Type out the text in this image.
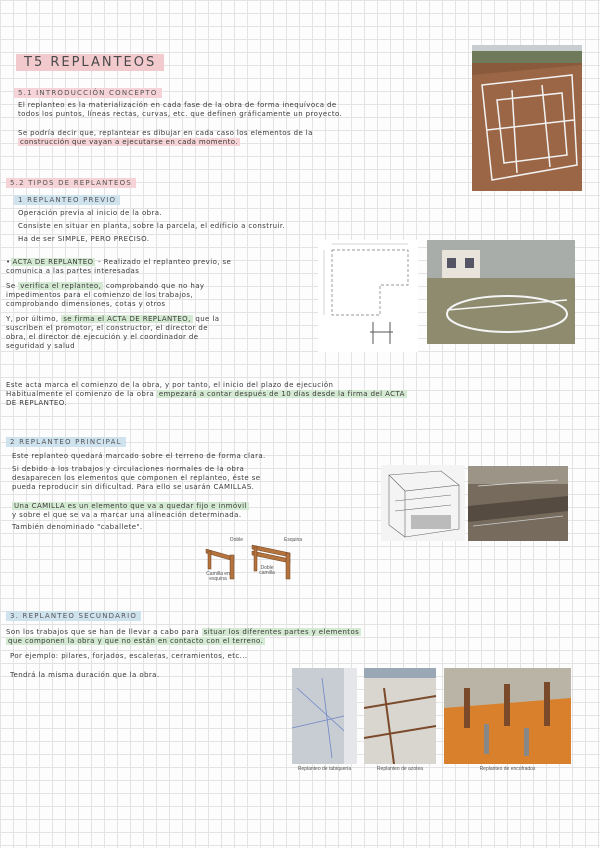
T5 REPLANTEOS
5.1 INTRODUCCIÓN CONCEPTO
El replanteo es la materialización en cada fase de la obra de forma inequívoca de
todos los puntos, líneas rectas, curvas, etc. que definen gráficamente un proyecto.
Se podría decir que, replantear es dibujar en cada caso los elementos de la
construcción que vayan a ejecutarse en cada momento.
5.2 TIPOS DE REPLANTEOS
1 REPLANTEO PREVIO
Operación previa al inicio de la obra.
Consiste en situar en planta, sobre la parcela, el edificio a construir.
Ha de ser SIMPLE, PERO PRECISO.
• ACTA DE REPLANTEO - Realizado el replanteo previo, se
comunica a las partes interesadas
Se verifica el replanteo, comprobando que no hay
impedimentos para el comienzo de los trabajos,
comprobando dimensiones, cotas y otros
Y, por último, se firma el ACTA DE REPLANTEO, que la
suscriben el promotor, el constructor, el director de
obra, el director de ejecución y el coordinador de
seguridad y salud
Este acta marca el comienzo de la obra, y por tanto, el inicio del plazo de ejecución
Habitualmente el comienzo de la obra empezará a contar después de 10 días desde la firma del ACTA
DE REPLANTEO.
2 REPLANTEO PRINCIPAL
Este replanteo quedará marcado sobre el terreno de forma clara.
Si debido a los trabajos y circulaciones normales de la obra
desaparecen los elementos que componen el replanteo, éste se
pueda reproducir sin dificultad. Para ello se usarán CAMILLAS.
Una CAMILLA es un elemento que va a quedar fijo e inmóvil
y sobre el que se va a marcar una alineación determinada.
También denominado "caballete".
Doble	Esquina
Camilla en
esquina
Doble
camilla
3. REPLANTEO SECUNDARIO
Son los trabajos que se han de llevar a cabo para situar los diferentes partes y elementos
que componen la obra y que no están en contacto con el terreno.
Por ejemplo: pilares, forjados, escaleras, cerramientos, etc...
Tendrá la misma duración que la obra.
Replanteo de tabiquería	Replanteo de azotea	Replanteo de encofrados
